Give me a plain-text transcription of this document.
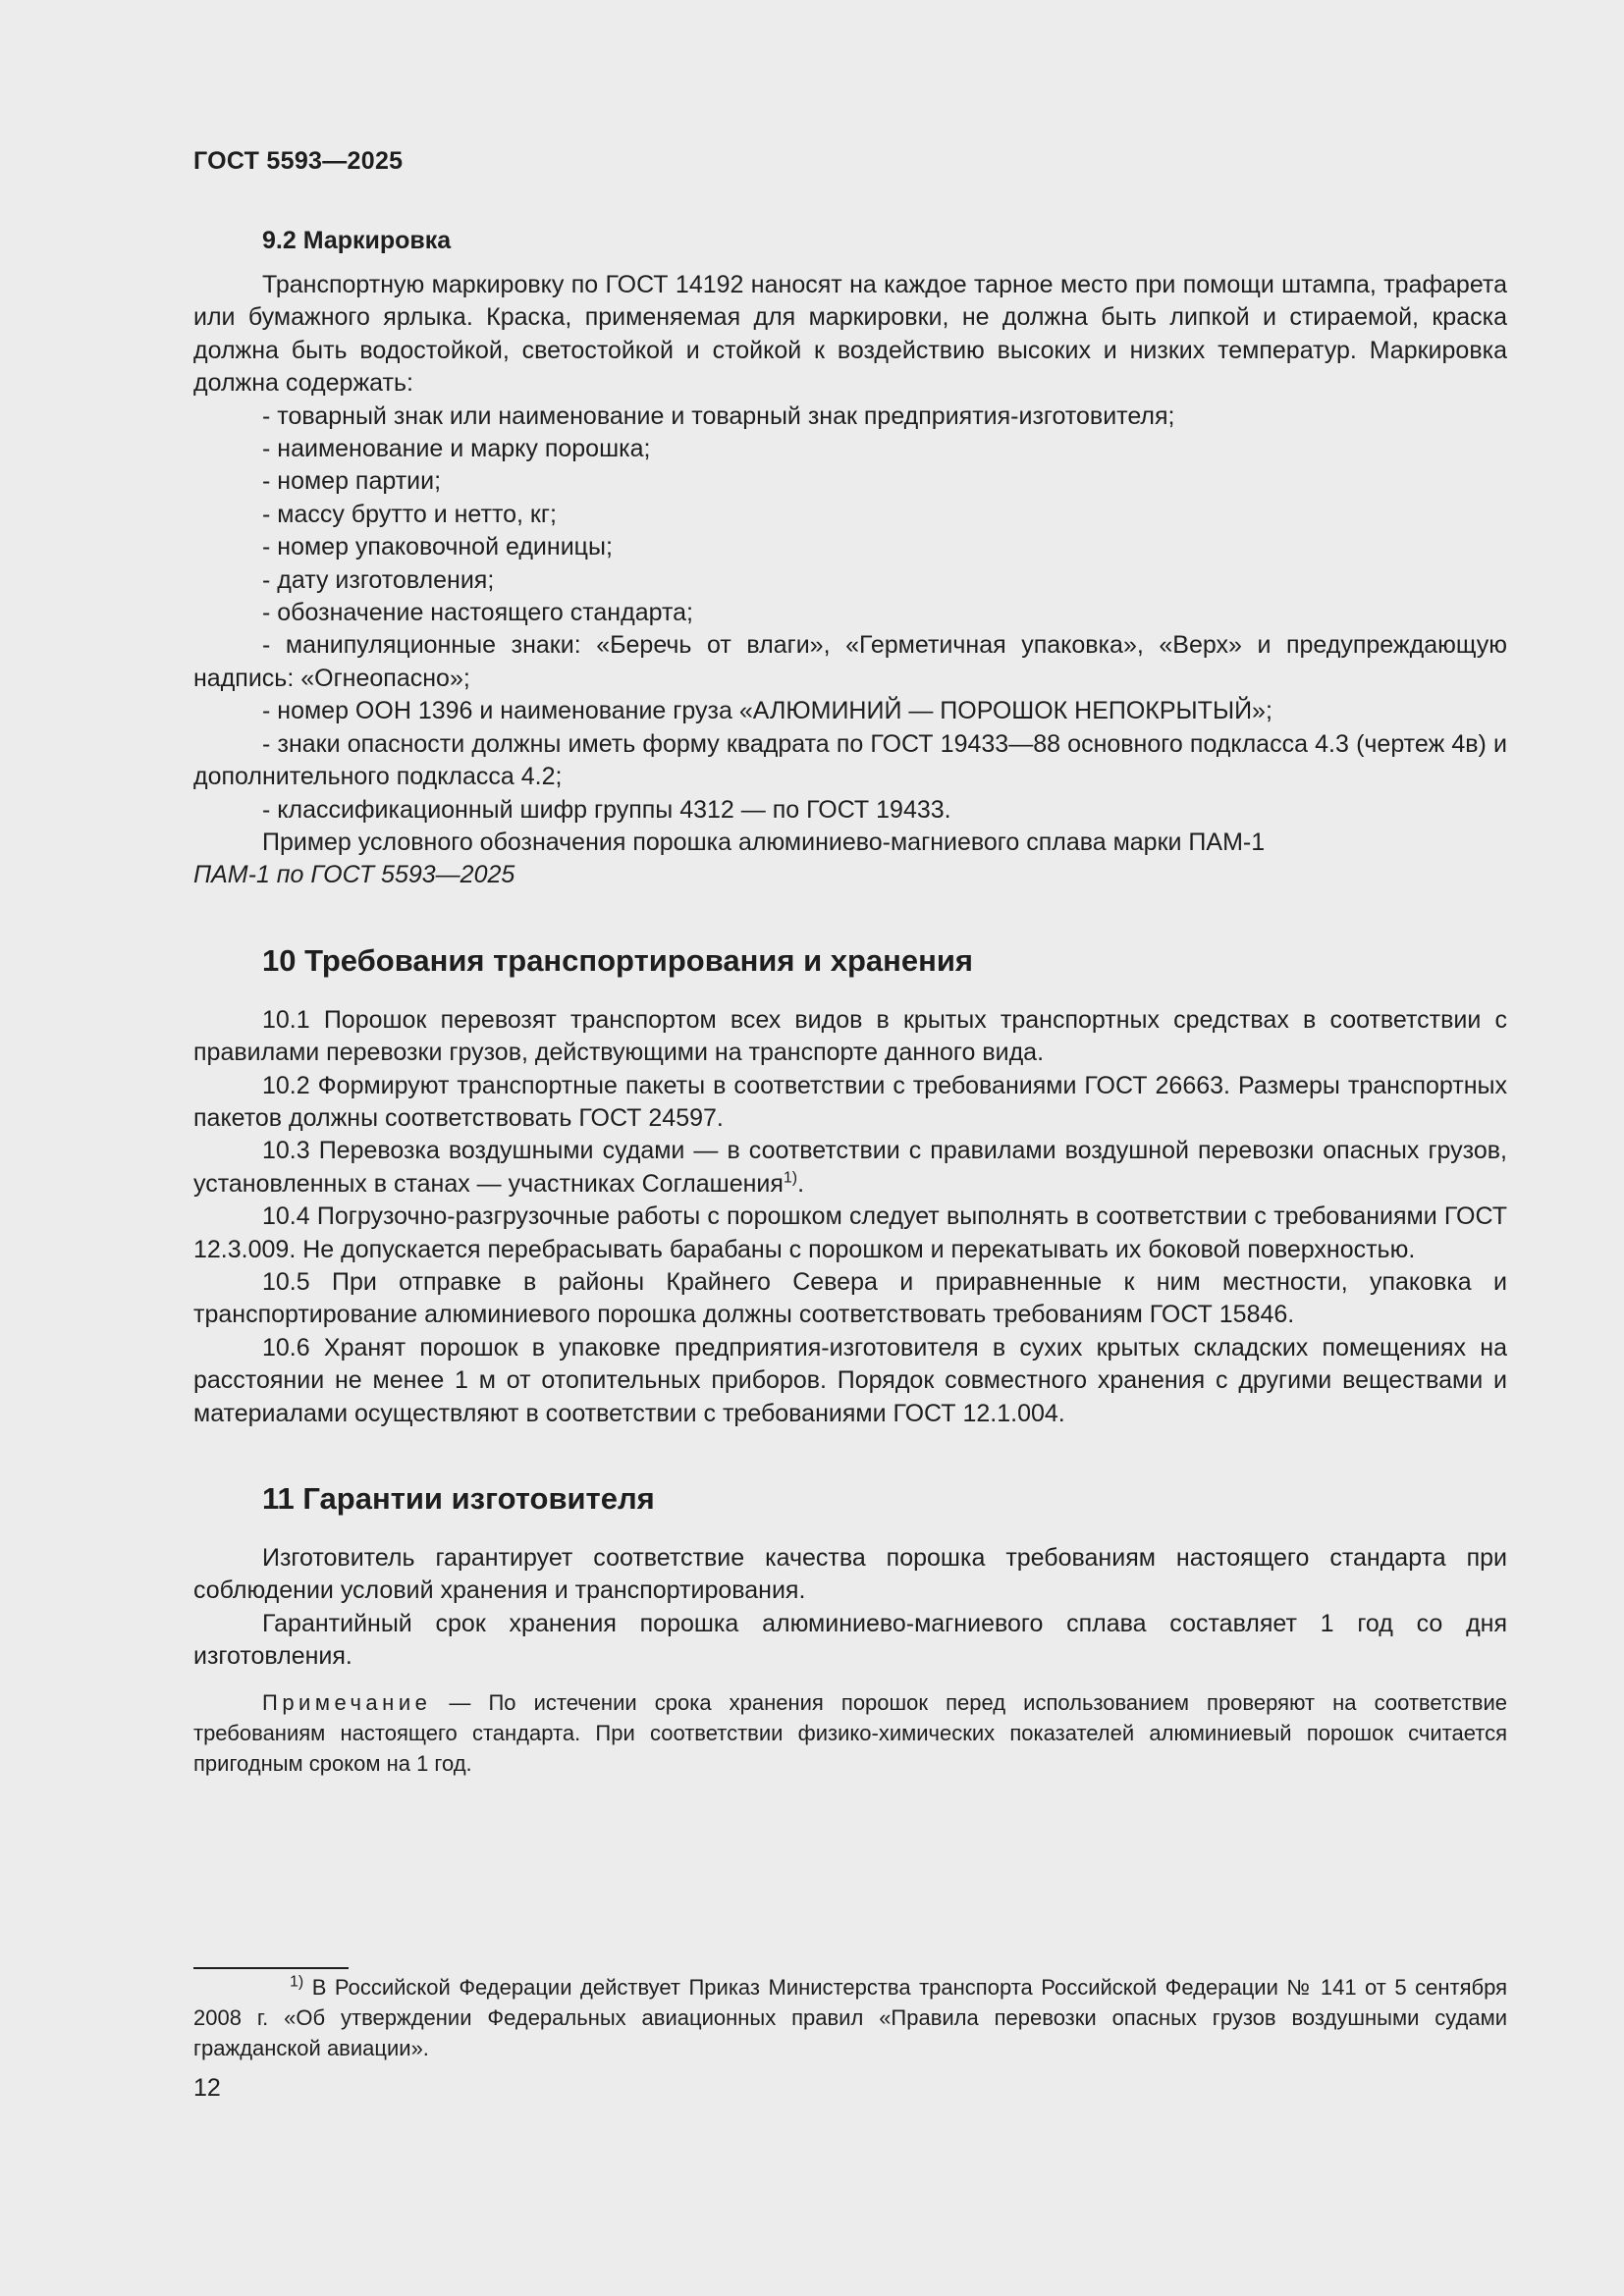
ГОСТ 5593—2025
9.2 Маркировка

Транспортную маркировку по ГОСТ 14192 наносят на каждое тарное место при помощи штампа, трафарета или бумажного ярлыка. Краска, применяемая для маркировки, не должна быть липкой и стираемой, краска должна быть водостойкой, светостойкой и стойкой к воздействию высоких и низких температур. Маркировка должна содержать:

- товарный знак или наименование и товарный знак предприятия-изготовителя;
- наименование и марку порошка;
- номер партии;
- массу брутто и нетто, кг;
- номер упаковочной единицы;
- дату изготовления;
- обозначение настоящего стандарта;
- манипуляционные знаки: «Беречь от влаги», «Герметичная упаковка», «Верх» и предупреждающую надпись: «Огнеопасно»;
- номер ООН 1396 и наименование груза «АЛЮМИНИЙ — ПОРОШОК НЕПОКРЫТЫЙ»;
- знаки опасности должны иметь форму квадрата по ГОСТ 19433—88 основного подкласса 4.3 (чертеж 4в) и дополнительного подкласса 4.2;
- классификационный шифр группы 4312 — по ГОСТ 19433.

Пример условного обозначения порошка алюминиево-магниевого сплава марки ПАМ-1

ПАМ-1 по ГОСТ 5593—2025

10 Требования транспортирования и хранения

10.1 Порошок перевозят транспортом всех видов в крытых транспортных средствах в соответствии с правилами перевозки грузов, действующими на транспорте данного вида.

10.2 Формируют транспортные пакеты в соответствии с требованиями ГОСТ 26663. Размеры транспортных пакетов должны соответствовать ГОСТ 24597.

10.3 Перевозка воздушными судами — в соответствии с правилами воздушной перевозки опасных грузов, установленных в станах — участниках Соглашения$^{1)}$.

10.4 Погрузочно-разгрузочные работы с порошком следует выполнять в соответствии с требованиями ГОСТ 12.3.009. Не допускается перебрасывать барабаны с порошком и перекатывать их боковой поверхностью.

10.5 При отправке в районы Крайнего Севера и приравненные к ним местности, упаковка и транспортирование алюминиевого порошка должны соответствовать требованиям ГОСТ 15846.

10.6 Хранят порошок в упаковке предприятия-изготовителя в сухих крытых складских помещениях на расстоянии не менее 1 м от отопительных приборов. Порядок совместного хранения с другими веществами и материалами осуществляют в соответствии с требованиями ГОСТ 12.1.004.

11 Гарантии изготовителя

Изготовитель гарантирует соответствие качества порошка требованиям настоящего стандарта при соблюдении условий хранения и транспортирования.

Гарантийный срок хранения порошка алюминиево-магниевого сплава составляет 1 год со дня изготовления.

Примечание — По истечении срока хранения порошок перед использованием проверяют на соответствие требованиям настоящего стандарта. При соответствии физико-химических показателей алюминиевый порошок считается пригодным сроком на 1 год.
$^{1)}$ В Российской Федерации действует Приказ Министерства транспорта Российской Федерации № 141 от 5 сентября 2008 г. «Об утверждении Федеральных авиационных правил «Правила перевозки опасных грузов воздушными судами гражданской авиации».
12
